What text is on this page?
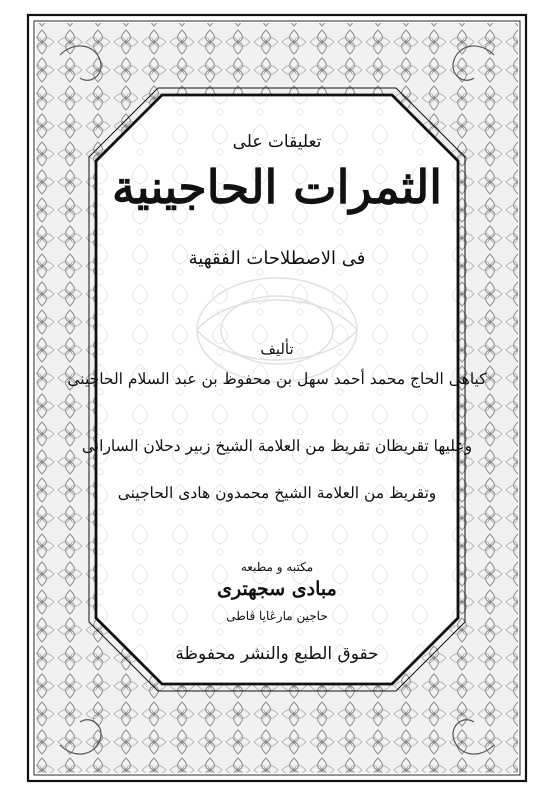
تعليقات على
الثمرات الحاجينية
فى الاصطلاحات الفقهية
تأليف
كياهى الحاج محمد أحمد سهل بن محفوظ بن عبد السلام الحاجينى
وعليها تقريظان تقريظ من العلامة الشيخ زبير دحلان السارانى
وتقريظ من العلامة الشيخ محمدون هادى الحاجينى
مكتبه و مطبعه
مبادى سجهترى
حاجين مارڠايا ڤاطى
حقوق الطبع والنشر محفوظة
